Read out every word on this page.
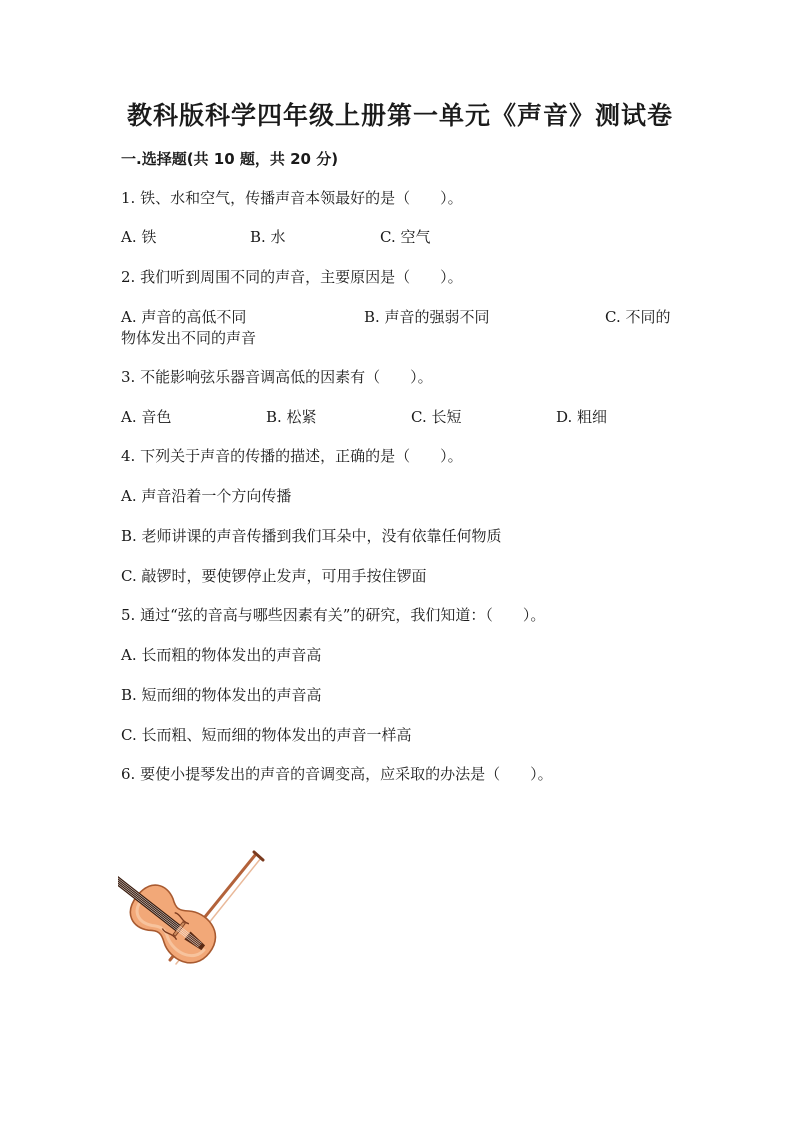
教科版科学四年级上册第一单元《声音》测试卷
一.选择题(共 10 题，共 20 分)
1. 铁、水和空气，传播声音本领最好的是（　　）。
A. 铁	B. 水	C. 空气
2. 我们听到周围不同的声音，主要原因是（　　）。
A. 声音的高低不同	B. 声音的强弱不同	C. 不同的
物体发出不同的声音
3. 不能影响弦乐器音调高低的因素有（　　）。
A. 音色	B. 松紧	C. 长短	D. 粗细
4. 下列关于声音的传播的描述，正确的是（　　）。
A. 声音沿着一个方向传播
B. 老师讲课的声音传播到我们耳朵中，没有依靠任何物质
C. 敲锣时，要使锣停止发声，可用手按住锣面
5. 通过“弦的音高与哪些因素有关”的研究，我们知道：（　　）。
A. 长而粗的物体发出的声音高
B. 短而细的物体发出的声音高
C. 长而粗、短而细的物体发出的声音一样高
6. 要使小提琴发出的声音的音调变高，应采取的办法是（　　）。
